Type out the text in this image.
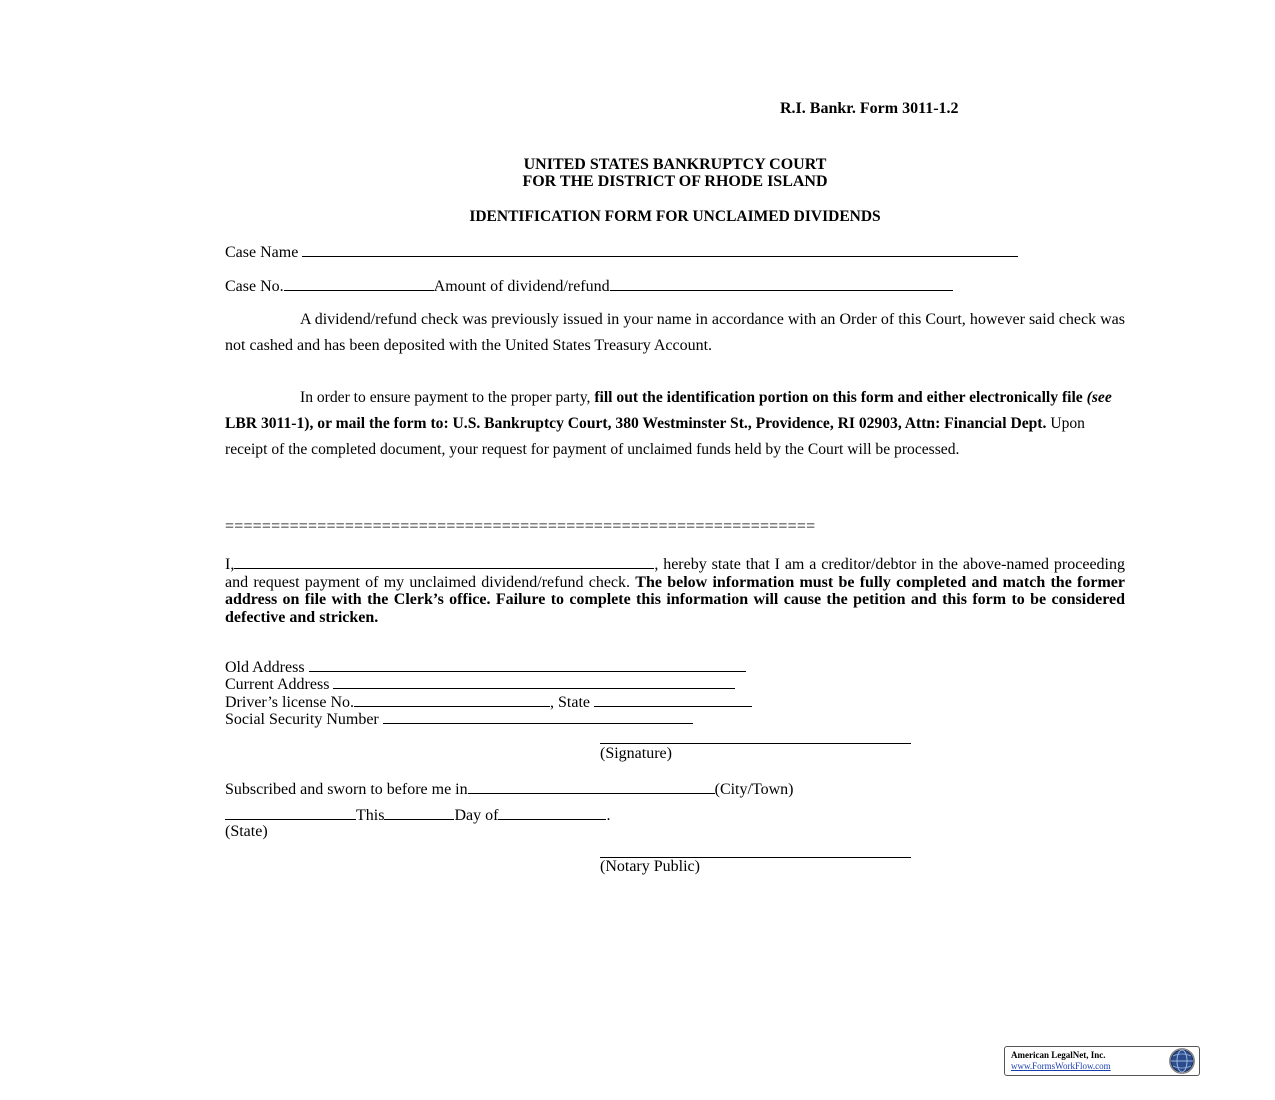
R.I. Bankr. Form 3011-1.2
UNITED STATES BANKRUPTCY COURT
FOR THE DISTRICT OF RHODE ISLAND
IDENTIFICATION FORM FOR UNCLAIMED DIVIDENDS
Case Name
Case No.	Amount of dividend/refund
A dividend/refund check was previously issued in your name in accordance with an Order of this Court, however said check was not cashed and has been deposited with the United States Treasury Account.
In order to ensure payment to the proper party, fill out the identification portion on this form and either electronically file (see LBR 3011-1), or mail the form to: U.S. Bankruptcy Court, 380 Westminster St., Providence, RI 02903, Attn: Financial Dept. Upon receipt of the completed document, your request for payment of unclaimed funds held by the Court will be processed.
================================================================
I,	, hereby state that I am a creditor/debtor in the above-named proceeding and request payment of my unclaimed dividend/refund check. The below information must be fully completed and match the former address on file with the Clerk’s office. Failure to complete this information will cause the petition and this form to be considered defective and stricken.
Old Address
Current Address
Driver’s license No.	, State
Social Security Number
(Signature)
Subscribed and sworn to before me in	(City/Town)
This	Day of	.
(State)
(Notary Public)
American LegalNet, Inc.
www.FormsWorkFlow.com
